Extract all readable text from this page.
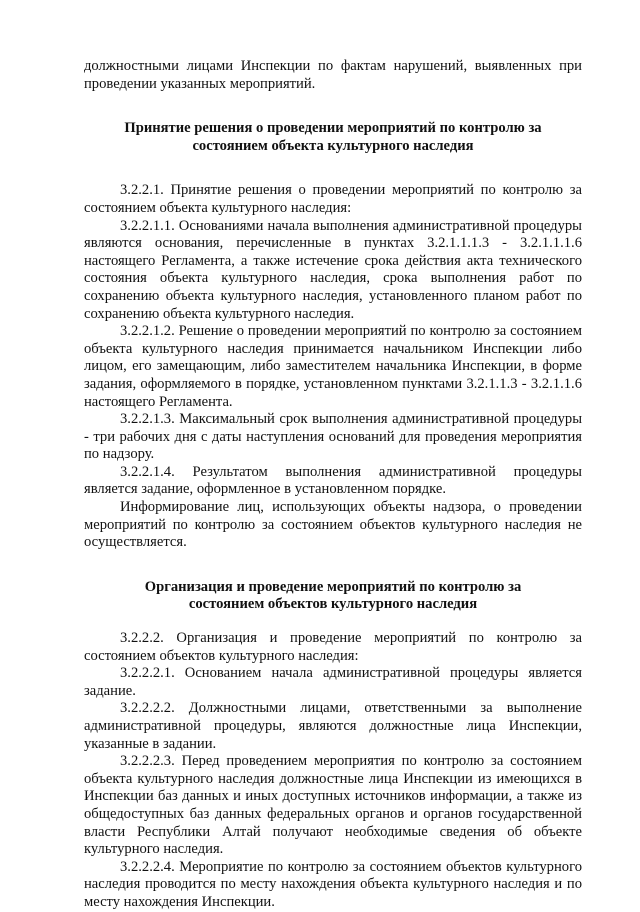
должностными лицами Инспекции по фактам нарушений, выявленных при проведении указанных мероприятий.

Принятие решения о проведении мероприятий по контролю за состоянием объекта культурного наследия

3.2.2.1. Принятие решения о проведении мероприятий по контролю за состоянием объекта культурного наследия:

3.2.2.1.1. Основаниями начала выполнения административной процедуры являются основания, перечисленные в пунктах 3.2.1.1.1.3 - 3.2.1.1.1.6 настоящего Регламента, а также истечение срока действия акта технического состояния объекта культурного наследия, срока выполнения работ по сохранению объекта культурного наследия, установленного планом работ по сохранению объекта культурного наследия.

3.2.2.1.2. Решение о проведении мероприятий по контролю за состоянием объекта культурного наследия принимается начальником Инспекции либо лицом, его замещающим, либо заместителем начальника Инспекции, в форме задания, оформляемого в порядке, установленном пунктами 3.2.1.1.3 - 3.2.1.1.6 настоящего Регламента.

3.2.2.1.3. Максимальный срок выполнения административной процедуры - три рабочих дня с даты наступления оснований для проведения мероприятия по надзору.

3.2.2.1.4. Результатом выполнения административной процедуры является задание, оформленное в установленном порядке.

Информирование лиц, использующих объекты надзора, о проведении мероприятий по контролю за состоянием объектов культурного наследия не осуществляется.

Организация и проведение мероприятий по контролю за состоянием объектов культурного наследия

3.2.2.2. Организация и проведение мероприятий по контролю за состоянием объектов культурного наследия:

3.2.2.2.1. Основанием начала административной процедуры является задание.

3.2.2.2.2. Должностными лицами, ответственными за выполнение административной процедуры, являются должностные лица Инспекции, указанные в задании.

3.2.2.2.3. Перед проведением мероприятия по контролю за состоянием объекта культурного наследия должностные лица Инспекции из имеющихся в Инспекции баз данных и иных доступных источников информации, а также из общедоступных баз данных федеральных органов и органов государственной власти Республики Алтай получают необходимые сведения об объекте культурного наследия.

3.2.2.2.4. Мероприятие по контролю за состоянием объектов культурного наследия проводится по месту нахождения объекта культурного наследия и по месту нахождения Инспекции.
